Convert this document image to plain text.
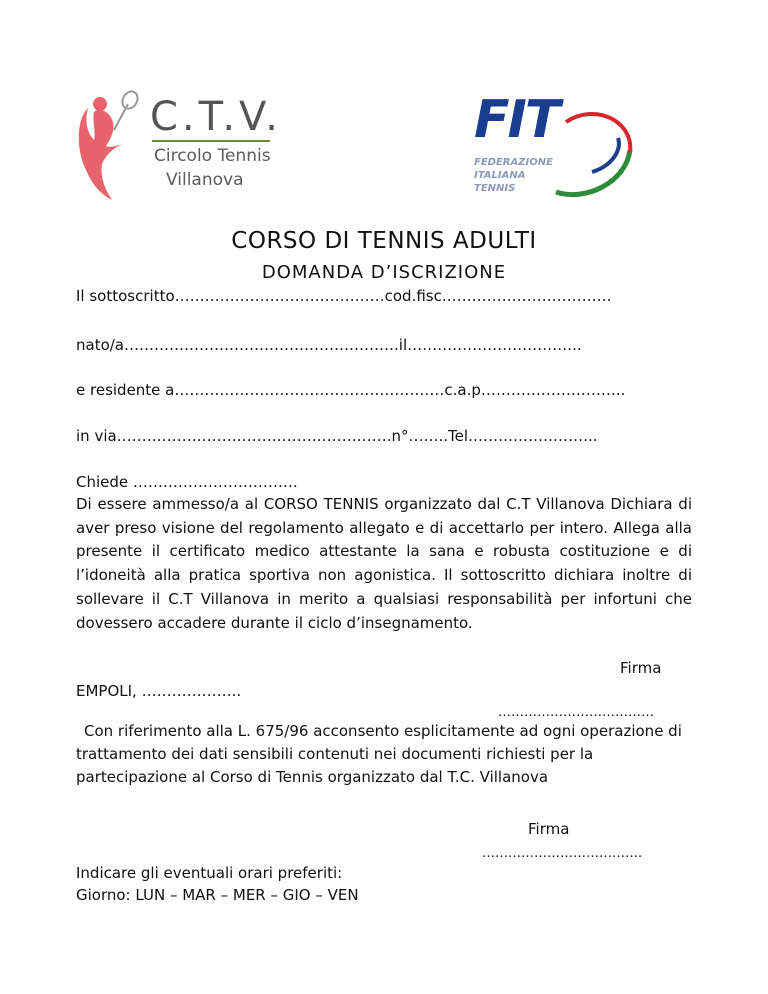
C.T.V.
Circolo Tennis
Villanova
FIT
FEDERAZIONE
ITALIANA
TENNIS
CORSO DI TENNIS ADULTI
DOMANDA D’ISCRIZIONE
Il sottoscritto……………………………………cod.fisc.……………………………
nato/a……………………………………………….il……………………………..
e residente a………………………………………………c.a.p………………………..
in via……………………………………………….n°……..Tel……………………..
Chiede ……………………………
Di essere ammesso/a al CORSO TENNIS organizzato dal C.T Villanova Dichiara di aver preso visione del regolamento allegato e di accettarlo per intero. Allega alla presente il certificato medico attestante la sana e robusta costituzione e di l’idoneità alla pratica sportiva non agonistica. Il sottoscritto dichiara inoltre di sollevare il C.T Villanova in merito a qualsiasi responsabilità per infortuni che dovessero accadere durante il ciclo d’insegnamento.
Firma
EMPOLI, ………………..
………………………………
Con riferimento alla L. 675/96 acconsento esplicitamente ad ogni operazione di trattamento dei dati sensibili contenuti nei documenti richiesti per la partecipazione al Corso di Tennis organizzato dal T.C. Villanova
Firma
……………………………….
Indicare gli eventuali orari preferiti:
Giorno: LUN – MAR – MER – GIO – VEN
